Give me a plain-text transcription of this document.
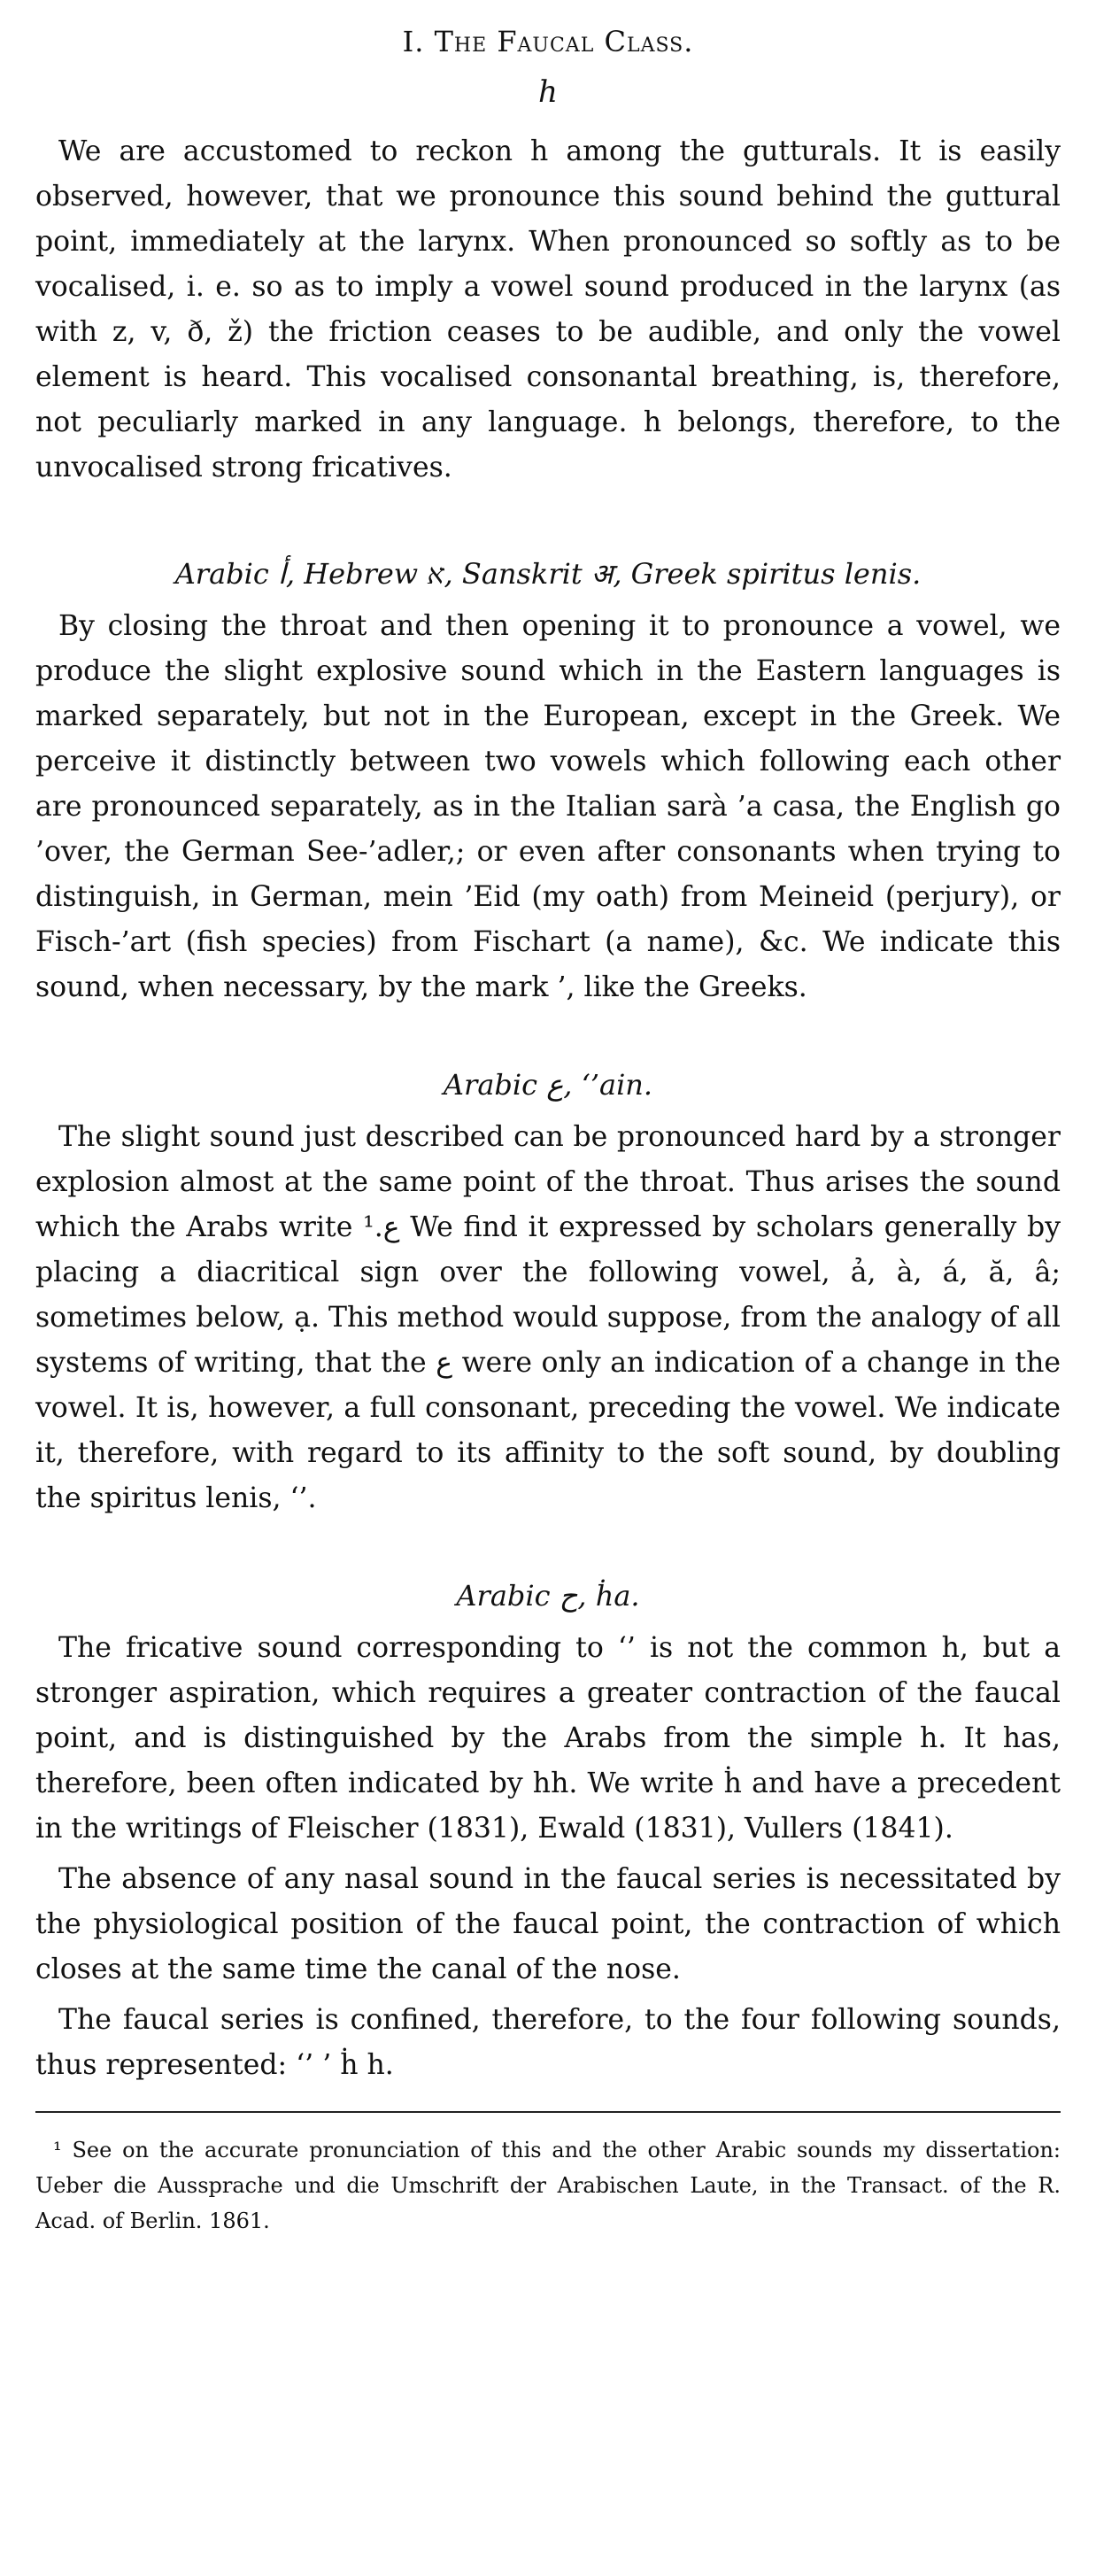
I. The Faucal Class.
h

We are accustomed to reckon h among the gutturals. It is easily observed, however, that we pronounce this sound behind the guttural point, immediately at the larynx. When pronounced so softly as to be vocalised, i. e. so as to imply a vowel sound produced in the larynx (as with z, v, ð, ž) the friction ceases to be audible, and only the vowel element is heard. This vocalised consonantal breathing, is, therefore, not peculiarly marked in any language. h belongs, therefore, to the unvocalised strong fricatives.

Arabic أ, Hebrew א, Sanskrit अ, Greek spiritus lenis.

By closing the throat and then opening it to pronounce a vowel, we produce the slight explosive sound which in the Eastern languages is marked separately, but not in the European, except in the Greek. We perceive it distinctly between two vowels which following each other are pronounced separately, as in the Italian sarà ’a casa, the English go ’over, the German See-’adler,; or even after consonants when trying to distinguish, in German, mein ’Eid (my oath) from Meineid (perjury), or Fisch-’art (fish species) from Fischart (a name), &c. We indicate this sound, when necessary, by the mark ’, like the Greeks.

Arabic ع, ‘’ain.

The slight sound just described can be pronounced hard by a stronger explosion almost at the same point of the throat. Thus arises the sound which the Arabs write ع.¹ We find it expressed by scholars generally by placing a diacritical sign over the following vowel, ả, à, á, ă, â; sometimes below, ạ. This method would suppose, from the analogy of all systems of writing, that the ع were only an indication of a change in the vowel. It is, however, a full consonant, preceding the vowel. We indicate it, therefore, with regard to its affinity to the soft sound, by doubling the spiritus lenis, ‘’.

Arabic ح, ḣa.

The fricative sound corresponding to ‘’ is not the common h, but a stronger aspiration, which requires a greater contraction of the faucal point, and is distinguished by the Arabs from the simple h. It has, therefore, been often indicated by hh. We write ḣ and have a precedent in the writings of Fleischer (1831), Ewald (1831), Vullers (1841).

The absence of any nasal sound in the faucal series is necessitated by the physiological position of the faucal point, the contraction of which closes at the same time the canal of the nose.

The faucal series is confined, therefore, to the four following sounds, thus represented: ‘’ ’ ḣ h.

¹ See on the accurate pronunciation of this and the other Arabic sounds my dissertation: Ueber die Aussprache und die Umschrift der Arabischen Laute, in the Transact. of the R. Acad. of Berlin. 1861.
